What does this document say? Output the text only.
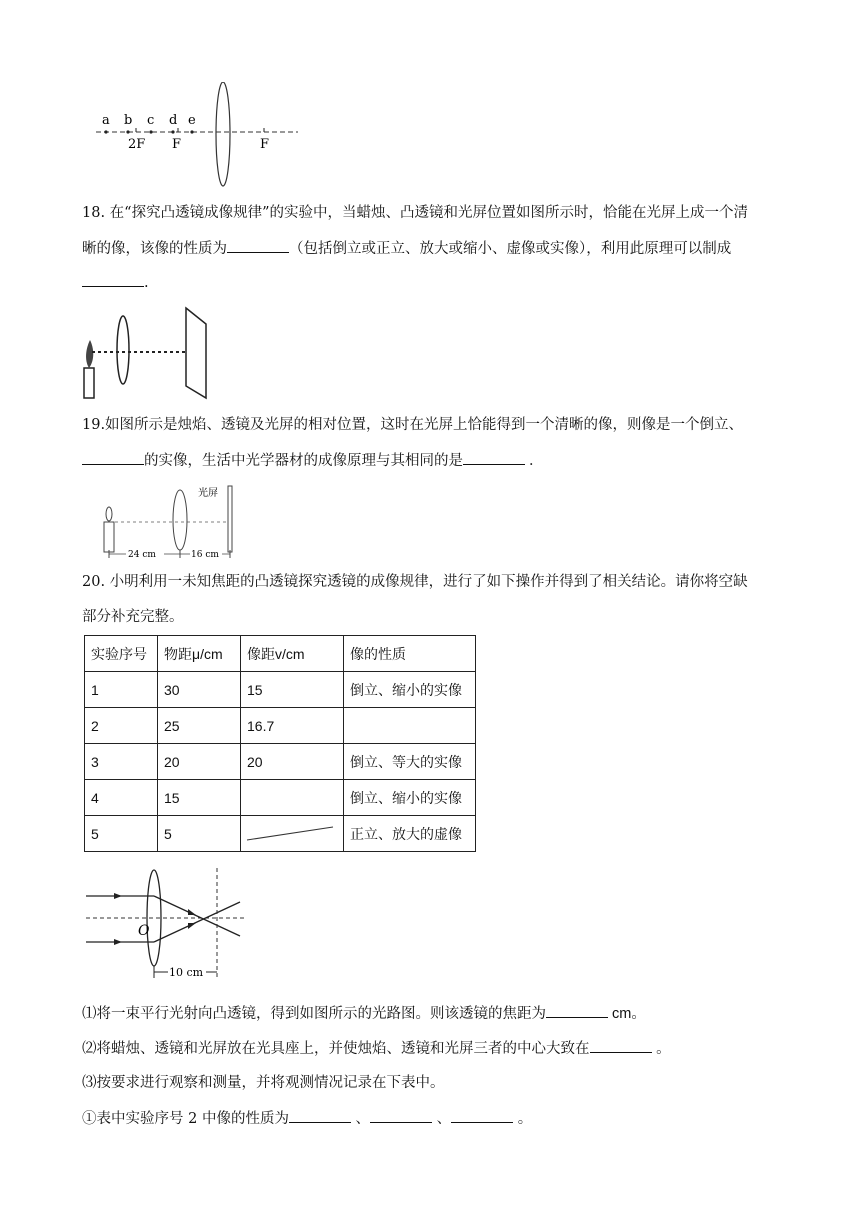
a b c d e
2F F	F
18. 在“探究凸透镜成像规律”的实验中，当蜡烛、凸透镜和光屏位置如图所示时，恰能在光屏上成一个清
晰的像，该像的性质为	（包括倒立或正立、放大或缩小、虚像或实像），利用此原理可以制成
.
19.如图所示是烛焰、透镜及光屏的相对位置，这时在光屏上恰能得到一个清晰的像，则像是一个倒立、
的实像，生活中光学器材的成像原理与其相同的是	．
光屏
24 cm	16 cm
20. 小明利用一未知焦距的凸透镜探究透镜的成像规律，进行了如下操作并得到了相关结论。请你将空缺
部分补充完整。
实验序号	物距μ/cm	像距v/cm	像的性质
1	30	15	倒立、缩小的实像
2	25	16.7	
3	20	20	倒立、等大的实像
4	15		倒立、缩小的实像
5	5		正立、放大的虚像
O
10 cm
⑴将一束平行光射向凸透镜，得到如图所示的光路图。则该透镜的焦距为	cm。
⑵将蜡烛、透镜和光屏放在光具座上，并使烛焰、透镜和光屏三者的中心大致在	。
⑶按要求进行观察和测量，并将观测情况记录在下表中。
①表中实验序号 2 中像的性质为	、	、	。
